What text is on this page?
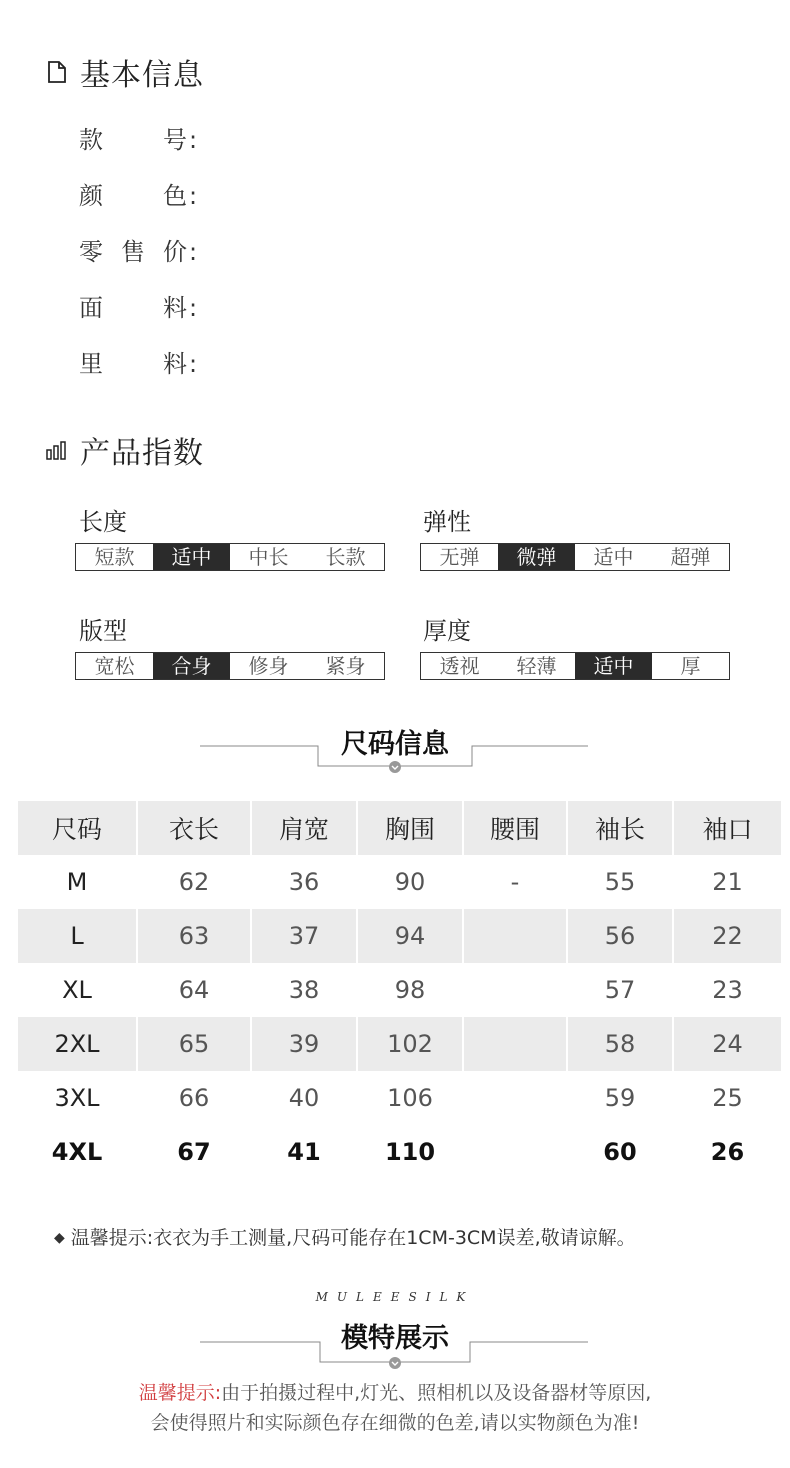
基本信息
款 号:
颜 色:
零售价:
面 料:
里 料:
产品指数
长度
短款	适中	中长	长款
弹性
无弹	微弹	适中	超弹
版型
宽松	合身	修身	紧身
厚度
透视	轻薄	适中	厚
尺码信息
尺码	衣长	肩宽	胸围	腰围	袖长	袖口
M	62	36	90	-	55	21
L	63	37	94		56	22
XL	64	38	98		57	23
2XL	65	39	102		58	24
3XL	66	40	106		59	25
4XL	67	41	110		60	26
◆ 温馨提示:衣衣为手工测量,尺码可能存在1CM-3CM误差,敬请谅解。
MULEESILK
模特展示
温馨提示:由于拍摄过程中,灯光、照相机以及设备器材等原因,
会使得照片和实际颜色存在细微的色差,请以实物颜色为准!
